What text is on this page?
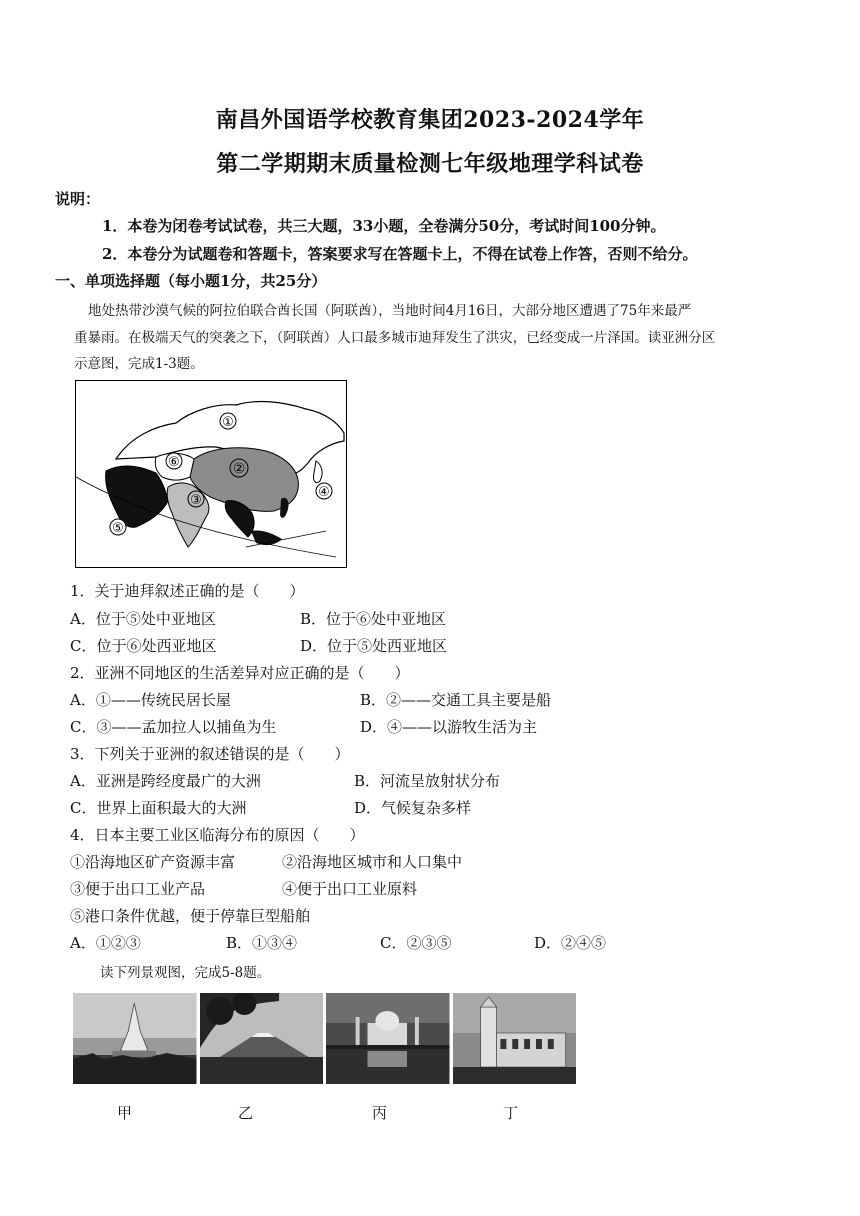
南昌外国语学校教育集团2023-2024学年
第二学期期末质量检测七年级地理学科试卷
说明：
1．本卷为闭卷考试试卷，共三大题，33小题，全卷满分50分，考试时间100分钟。
2．本卷分为试题卷和答题卡，答案要求写在答题卡上，不得在试卷上作答，否则不给分。
一、单项选择题（每小题1分，共25分）
地处热带沙漠气候的阿拉伯联合酋长国（阿联酋），当地时间4月16日，大部分地区遭遇了75年来最严
重暴雨。在极端天气的突袭之下，（阿联酋）人口最多城市迪拜发生了洪灾，已经变成一片泽国。读亚洲分区
示意图，完成1-3题。
①
②
③
④
⑤
⑥
1．关于迪拜叙述正确的是（　　）
A．位于⑤处中亚地区	B．位于⑥处中亚地区
C．位于⑥处西亚地区	D．位于⑤处西亚地区
2．亚洲不同地区的生活差异对应正确的是（　　）
A．①——传统民居长屋	B．②——交通工具主要是船
C．③——孟加拉人以捕鱼为生	D．④——以游牧生活为主
3．下列关于亚洲的叙述错误的是（　　）
A．亚洲是跨经度最广的大洲	B．河流呈放射状分布
C．世界上面积最大的大洲	D．气候复杂多样
4．日本主要工业区临海分布的原因（　　）
①沿海地区矿产资源丰富	②沿海地区城市和人口集中
③便于出口工业产品	④便于出口工业原料
⑤港口条件优越，便于停靠巨型船舶
A．①②③	B．①③④	C．②③⑤	D．②④⑤
读下列景观图，完成5-8题。
甲	乙	丙	丁
